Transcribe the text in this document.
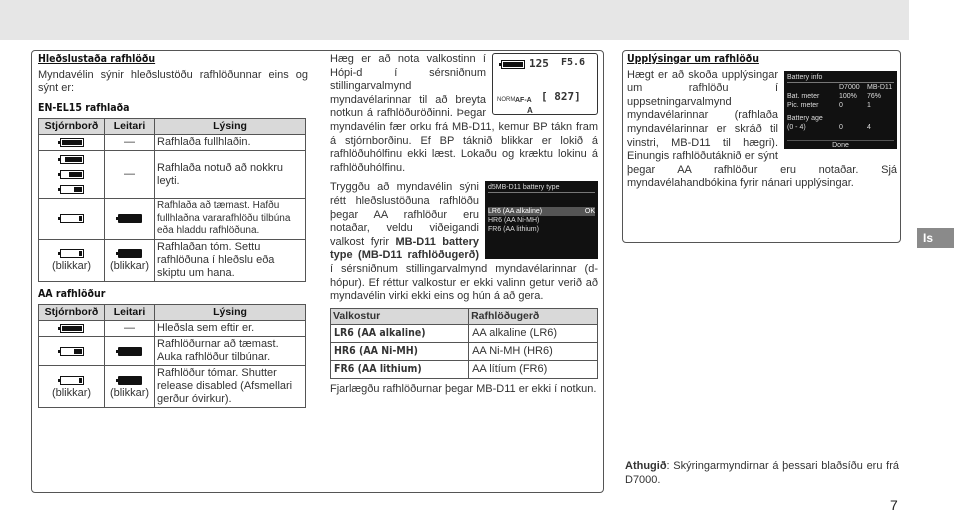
Hleðslustaða rafhlöðu

Myndavélin sýnir hleðslustöðu rafhlöðunnar eins og sýnt er:

EN-EL15 rafhlaða
Stjórnborð	Leitari	Lýsing

	—	Rafhlaða fullhlaðin.

	—	Rafhlaða notuð að nokkru leyti.

		Rafhlaða að tæmast. Hafðu fullhlaðna vararafhlöðu tilbúna eða hladdu rafhlöðuna.

(blikkar)	(blikkar)	Rafhlaðan tóm. Settu rafhlöðuna í hleðslu eða skiptu um hana.
AA rafhlöður
Stjórnborð	Leitari	Lýsing

	—	Hleðsla sem eftir er.

		Rafhlöðurnar að tæmast. Auka rafhlöður tilbúnar.

(blikkar)	(blikkar)	Rafhlöður tómar. Shutter release disabled (Afsmellari gerður óvirkur).
125 F5.6
[ 827]
NORM AF-A
A

Hæg er að nota valkostinn í Hópi-d í sérsniðnum stillingarvalmynd myndavélarinnar til að breyta notkun á rafhlöðuröðinni. Þegar myndavélin fær orku frá MB-D11, kemur BP tákn fram á stjórnborðinu. Ef BP táknið blikkar er lokið á rafhlöðuhólfinu ekki læst. Lokaðu og kræktu lokinu á rafhlöðuhólfinu.

d5MB-D11 battery type
LR6 (AA alkaline)	OK
HR6 (AA Ni-MH)
FR6 (AA lithium)

Tryggðu að myndavélin sýni rétt hleðslustöðuna rafhlöðu þegar AA rafhlöður eru notaðar, veldu viðeigandi valkost fyrir MB-D11 battery type (MB-D11 rafhlöðugerð) í sérsniðnum stillingarvalmynd myndavélarinnar (d-hópur). Ef réttur valkostur er ekki valinn getur verið að myndavélin virki ekki eins og hún á að gera.

Valkostur	Rafhlöðugerð
LR6 (AA alkaline)	AA alkaline (LR6)
HR6 (AA Ni-MH)	AA Ni-MH (HR6)
FR6 (AA lithium)	AA lítíum (FR6)

Fjarlægðu rafhlöðurnar þegar MB-D11 er ekki í notkun.

Upplýsingar um rafhlöðu
Battery info
D7000 MB-D11
Bat. meter	100% 76%
Pic. meter	0	1
Battery age
(0 - 4)	0	4
Done

Hægt er að skoða upplýsingar um rafhlöðu í uppsetningarvalmynd myndavélarinnar (rafhlaða myndavélarinnar er skráð til vinstri, MB-D11 til hægri). Einungis rafhlöðutáknið er sýnt þegar AA rafhlöður eru notaðar. Sjá myndavélahandbókina fyrir nánari upplýsingar.

Athugið: Skýringarmyndirnar á þessari blaðsíðu eru frá D7000.
Is
7
